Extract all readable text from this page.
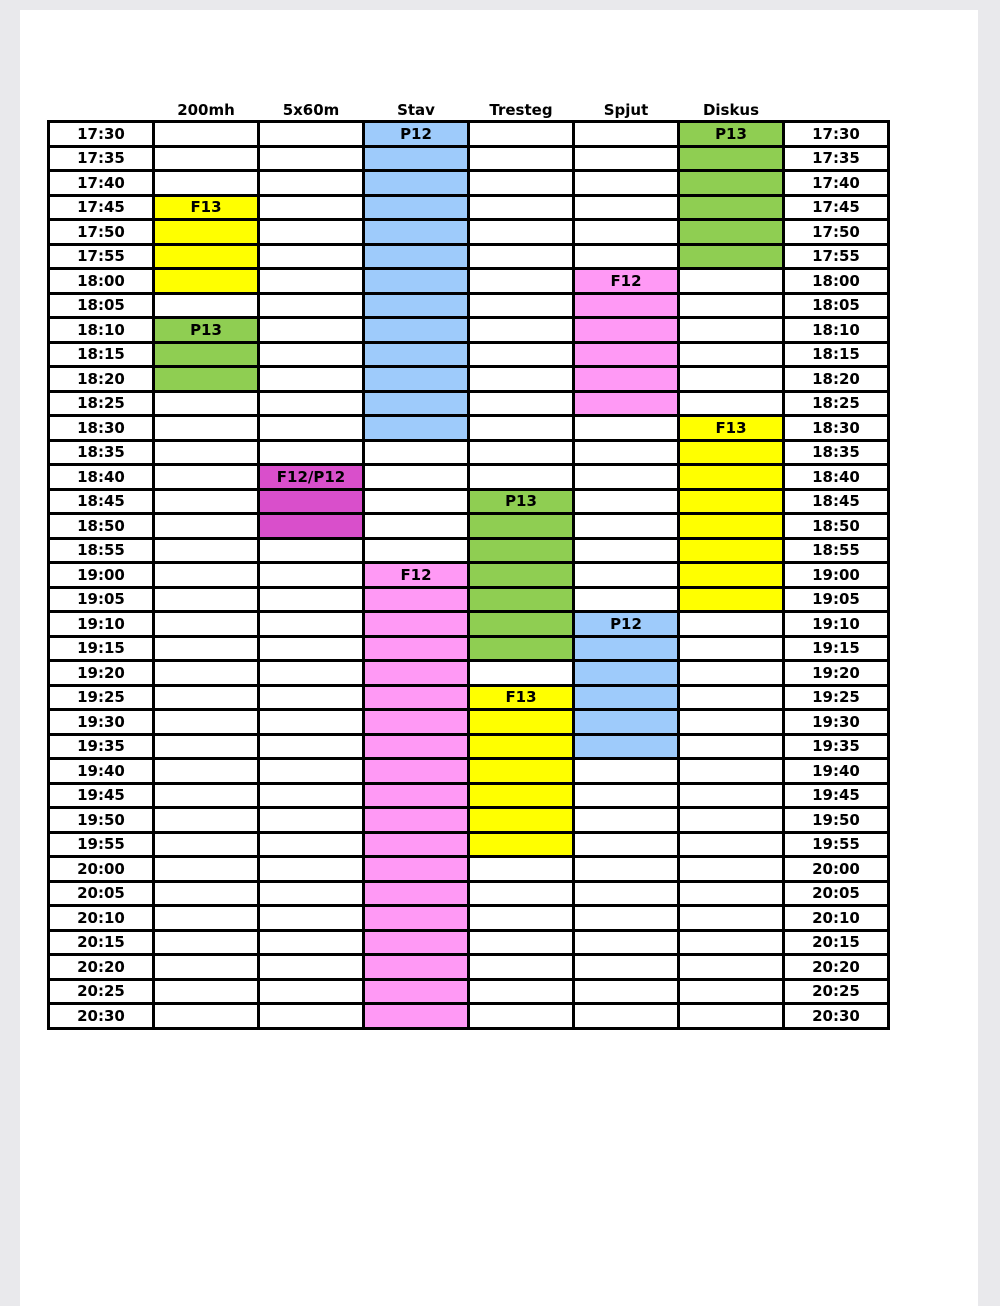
	200mh	5x60m	Stav	Tresteg	Spjut	Diskus	
17:30			P12			P13	17:30
17:35							17:35
17:40							17:40
17:45	F13						17:45
17:50							17:50
17:55							17:55
18:00					F12		18:00
18:05							18:05
18:10	P13						18:10
18:15							18:15
18:20							18:20
18:25							18:25
18:30						F13	18:30
18:35							18:35
18:40		F12/P12					18:40
18:45				P13			18:45
18:50							18:50
18:55							18:55
19:00			F12				19:00
19:05							19:05
19:10					P12		19:10
19:15							19:15
19:20							19:20
19:25				F13			19:25
19:30							19:30
19:35							19:35
19:40							19:40
19:45							19:45
19:50							19:50
19:55							19:55
20:00							20:00
20:05							20:05
20:10							20:10
20:15							20:15
20:20							20:20
20:25							20:25
20:30							20:30
